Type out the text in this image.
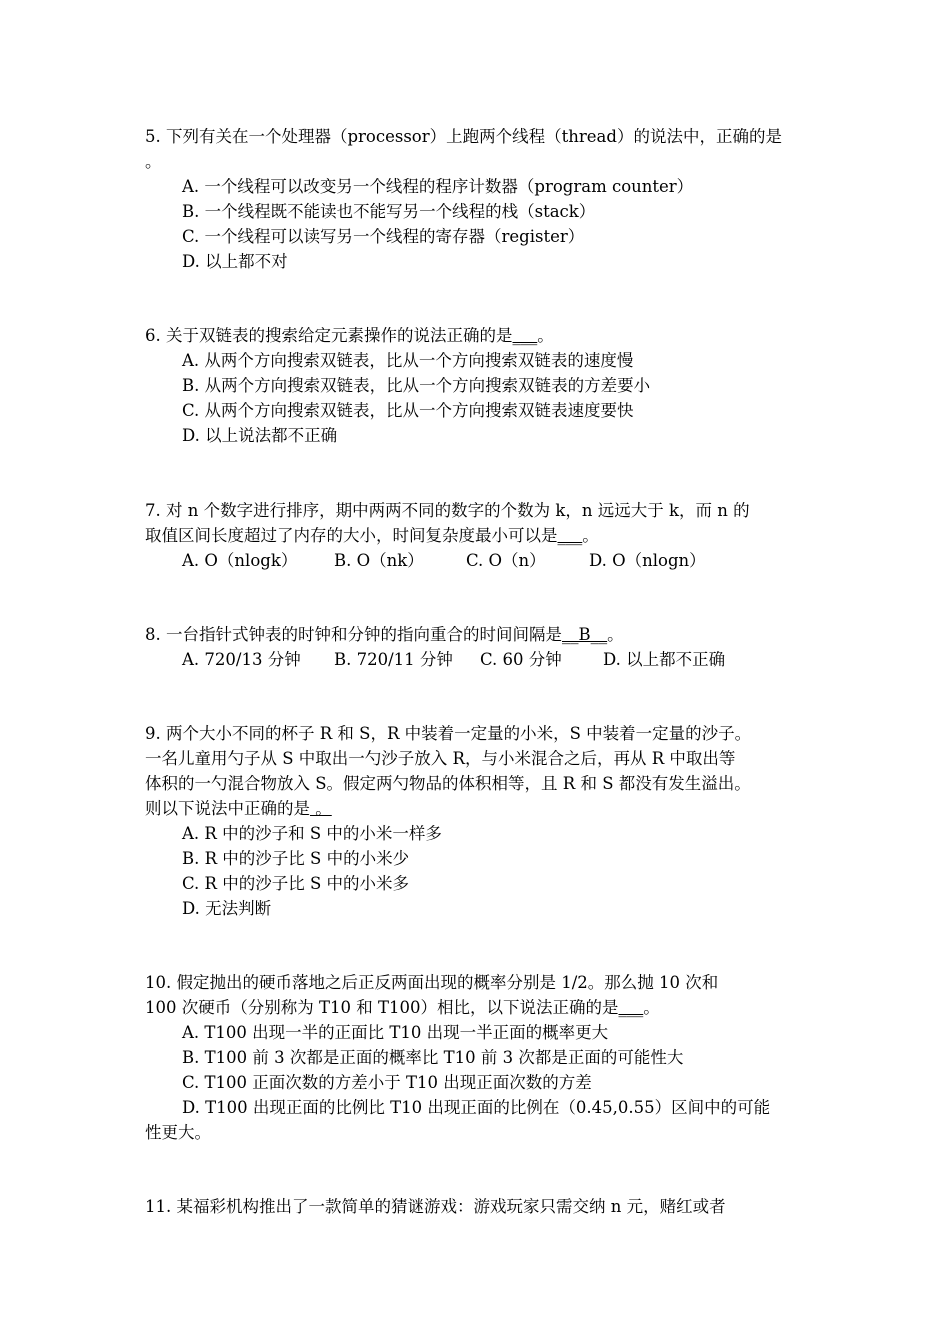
5. 下列有关在一个处理器（processor）上跑两个线程（thread）的说法中，正确的是
。
A. 一个线程可以改变另一个线程的程序计数器（program counter）
B. 一个线程既不能读也不能写另一个线程的栈（stack）
C. 一个线程可以读写另一个线程的寄存器（register）
D. 以上都不对
6. 关于双链表的搜索给定元素操作的说法正确的是___。
A. 从两个方向搜索双链表，比从一个方向搜索双链表的速度慢
B. 从两个方向搜索双链表，比从一个方向搜索双链表的方差要小
C. 从两个方向搜索双链表，比从一个方向搜索双链表速度要快
D. 以上说法都不正确
7. 对 n 个数字进行排序，期中两两不同的数字的个数为 k，n 远远大于 k，而 n 的
取值区间长度超过了内存的大小，时间复杂度最小可以是___。
A. O（nlogk） B. O（nk）	C. O（n）	D. O（nlogn）
8. 一台指针式钟表的时钟和分钟的指向重合的时间间隔是__B__。
A. 720/13 分钟 B. 720/11 分钟 C. 60 分钟 D. 以上都不正确
9. 两个大小不同的杯子 R 和 S，R 中装着一定量的小米，S 中装着一定量的沙子。
一名儿童用勺子从 S 中取出一勺沙子放入 R，与小米混合之后，再从 R 中取出等
体积的一勺混合物放入 S。假定两勺物品的体积相等，且 R 和 S 都没有发生溢出。
则以下说法中正确的是 。
A. R 中的沙子和 S 中的小米一样多
B. R 中的沙子比 S 中的小米少
C. R 中的沙子比 S 中的小米多
D. 无法判断
10. 假定抛出的硬币落地之后正反两面出现的概率分别是 1/2。那么抛 10 次和
100 次硬币（分别称为 T10 和 T100）相比，以下说法正确的是___。
A. T100 出现一半的正面比 T10 出现一半正面的概率更大
B. T100 前 3 次都是正面的概率比 T10 前 3 次都是正面的可能性大
C. T100 正面次数的方差小于 T10 出现正面次数的方差
D. T100 出现正面的比例比 T10 出现正面的比例在（0.45,0.55）区间中的可能
性更大。
11. 某福彩机构推出了一款简单的猜谜游戏：游戏玩家只需交纳 n 元，赌红或者
